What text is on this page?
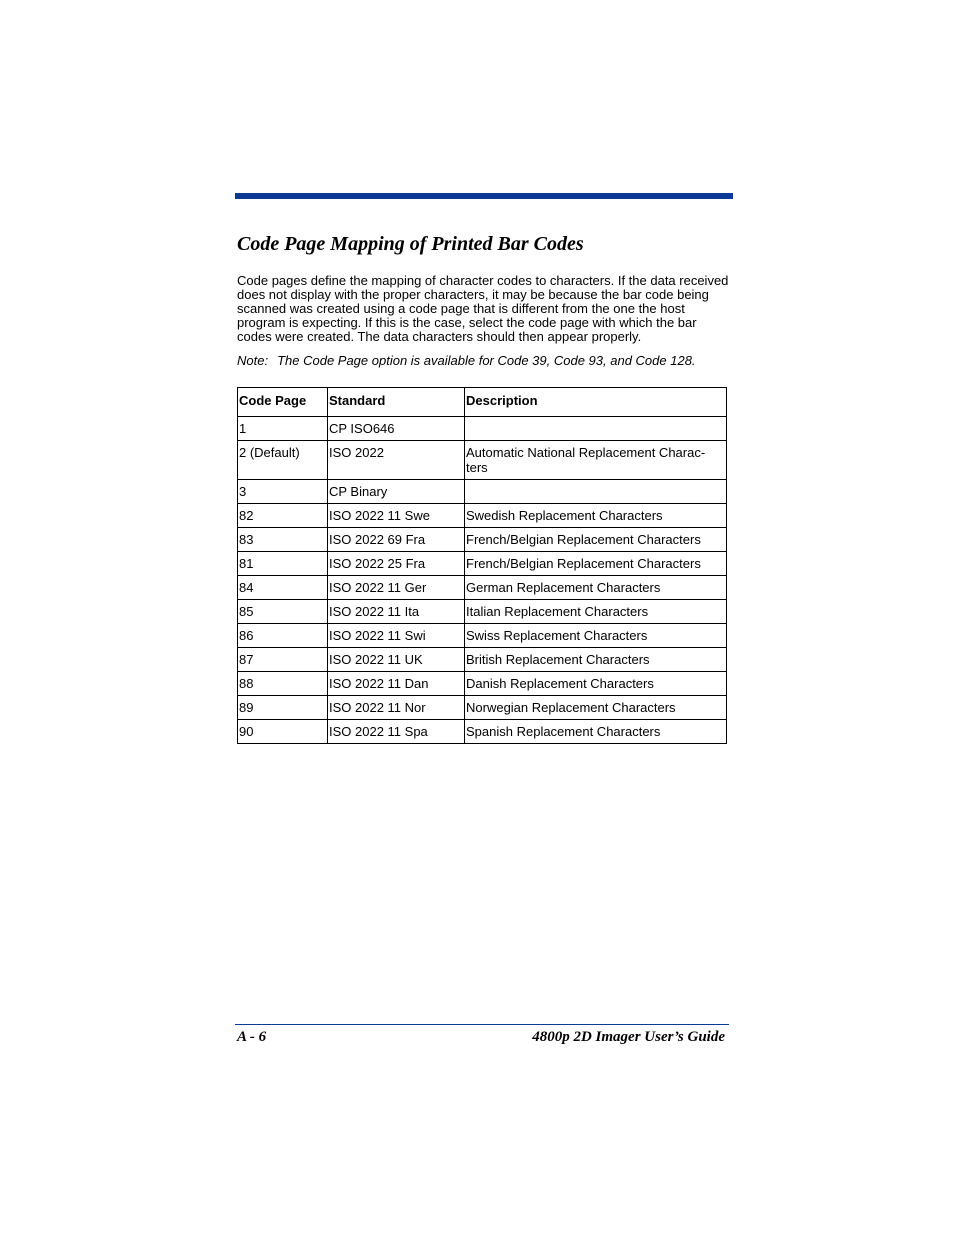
Code Page Mapping of Printed Bar Codes

Code pages define the mapping of character codes to characters. If the data received does not display with the proper characters, it may be because the bar code being scanned was created using a code page that is different from the one the host program is expecting. If this is the case, select the code page with which the bar codes were created. The data characters should then appear properly.

Note: The Code Page option is available for Code 39, Code 93, and Code 128.

Code Page	Standard	Description
1	CP ISO646	
2 (Default)	ISO 2022	Automatic National Replacement Charac-ters
3	CP Binary	
82	ISO 2022 11 Swe	Swedish Replacement Characters
83	ISO 2022 69 Fra	French/Belgian Replacement Characters
81	ISO 2022 25 Fra	French/Belgian Replacement Characters
84	ISO 2022 11 Ger	German Replacement Characters
85	ISO 2022 11 Ita	Italian Replacement Characters
86	ISO 2022 11 Swi	Swiss Replacement Characters
87	ISO 2022 11 UK	British Replacement Characters
88	ISO 2022 11 Dan	Danish Replacement Characters
89	ISO 2022 11 Nor	Norwegian Replacement Characters
90	ISO 2022 11 Spa	Spanish Replacement Characters
A - 6	4800p 2D Imager User’s Guide
